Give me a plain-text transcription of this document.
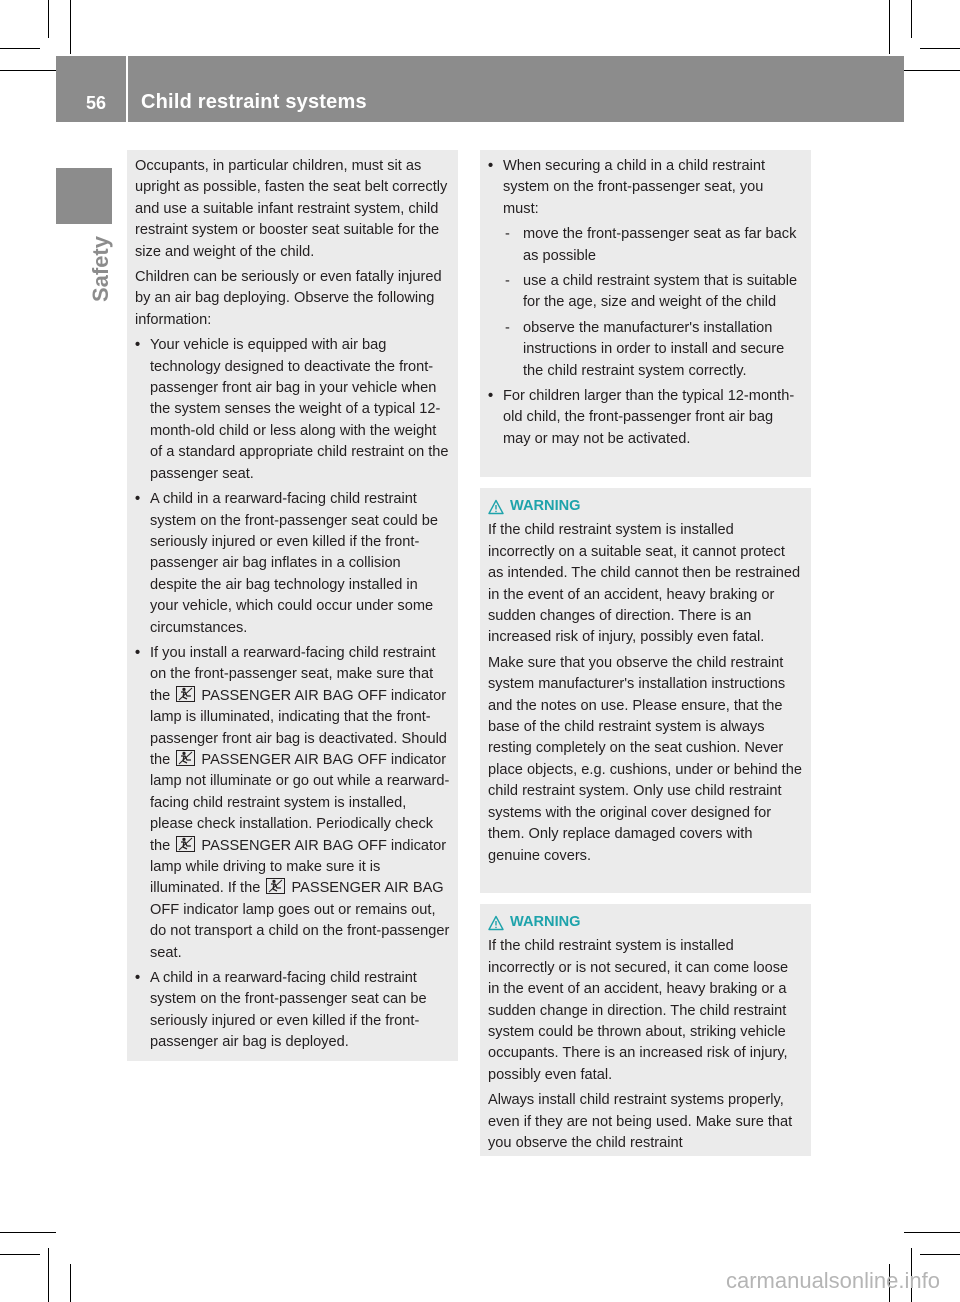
56 Child restraint systems
Safety

Occupants, in particular children, must sit as upright as possible, fasten the seat belt correctly and use a suitable infant restraint system, child restraint system or booster seat suitable for the size and weight of the child.

Children can be seriously or even fatally injured by an air bag deploying. Observe the following information:

• Your vehicle is equipped with air bag technology designed to deactivate the front-passenger front air bag in your vehicle when the system senses the weight of a typical 12-month-old child or less along with the weight of a standard appropriate child restraint on the passenger seat.
• A child in a rearward-facing child restraint system on the front-passenger seat could be seriously injured or even killed if the front-passenger air bag inflates in a collision despite the air bag technology installed in your vehicle, which could occur under some circumstances.
• If you install a rearward-facing child restraint on the front-passenger seat, make sure that the PASSENGER AIR BAG OFF indicator lamp is illuminated, indicating that the front-passenger front air bag is deactivated. Should the PASSENGER AIR BAG OFF indicator lamp not illuminate or go out while a rearward-facing child restraint system is installed, please check installation. Periodically check the PASSENGER AIR BAG OFF indicator lamp while driving to make sure it is illuminated. If the PASSENGER AIR BAG OFF indicator lamp goes out or remains out, do not transport a child on the front-passenger seat.
• A child in a rearward-facing child restraint system on the front-passenger seat can be seriously injured or even killed if the front-passenger air bag is deployed.
• When securing a child in a child restraint system on the front-passenger seat, you must:
- move the front-passenger seat as far back as possible
- use a child restraint system that is suitable for the age, size and weight of the child
- observe the manufacturer's installation instructions in order to install and secure the child restraint system correctly.
• For children larger than the typical 12-month-old child, the front-passenger front air bag may or may not be activated.
WARNING

If the child restraint system is installed incorrectly on a suitable seat, it cannot protect as intended. The child cannot then be restrained in the event of an accident, heavy braking or sudden changes of direction. There is an increased risk of injury, possibly even fatal.

Make sure that you observe the child restraint system manufacturer's installation instructions and the notes on use. Please ensure, that the base of the child restraint system is always resting completely on the seat cushion. Never place objects, e.g. cushions, under or behind the child restraint system. Only use child restraint systems with the original cover designed for them. Only replace damaged covers with genuine covers.

WARNING

If the child restraint system is installed incorrectly or is not secured, it can come loose in the event of an accident, heavy braking or a sudden change in direction. The child restraint system could be thrown about, striking vehicle occupants. There is an increased risk of injury, possibly even fatal.

Always install child restraint systems properly, even if they are not being used. Make sure that you observe the child restraint

carmanualsonline.info
